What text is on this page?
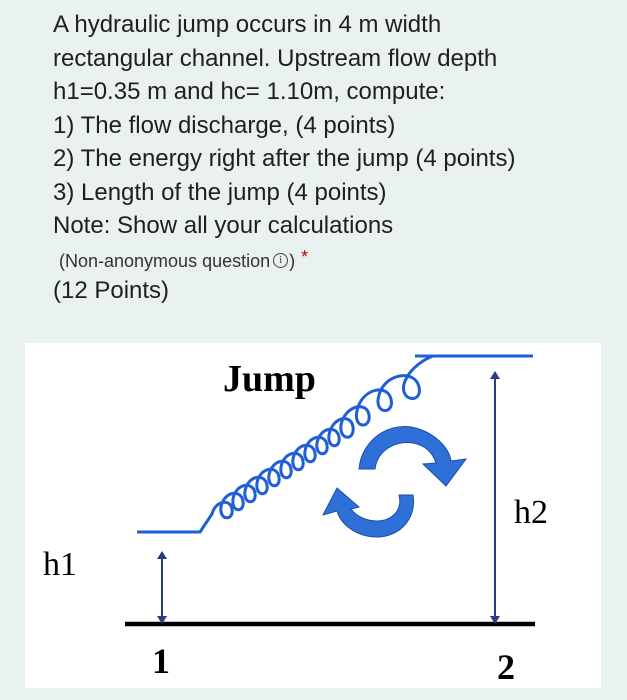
A hydraulic jump occurs in 4 m width
rectangular channel. Upstream flow depth
h1=0.35 m and hc= 1.10m, compute:
1) The flow discharge, (4 points)
2) The energy right after the jump (4 points)
3) Length of the jump (4 points)
Note: Show all your calculations
(Non-anonymous question i ) *
(12 Points)
Jump
h1
h2
1	2
